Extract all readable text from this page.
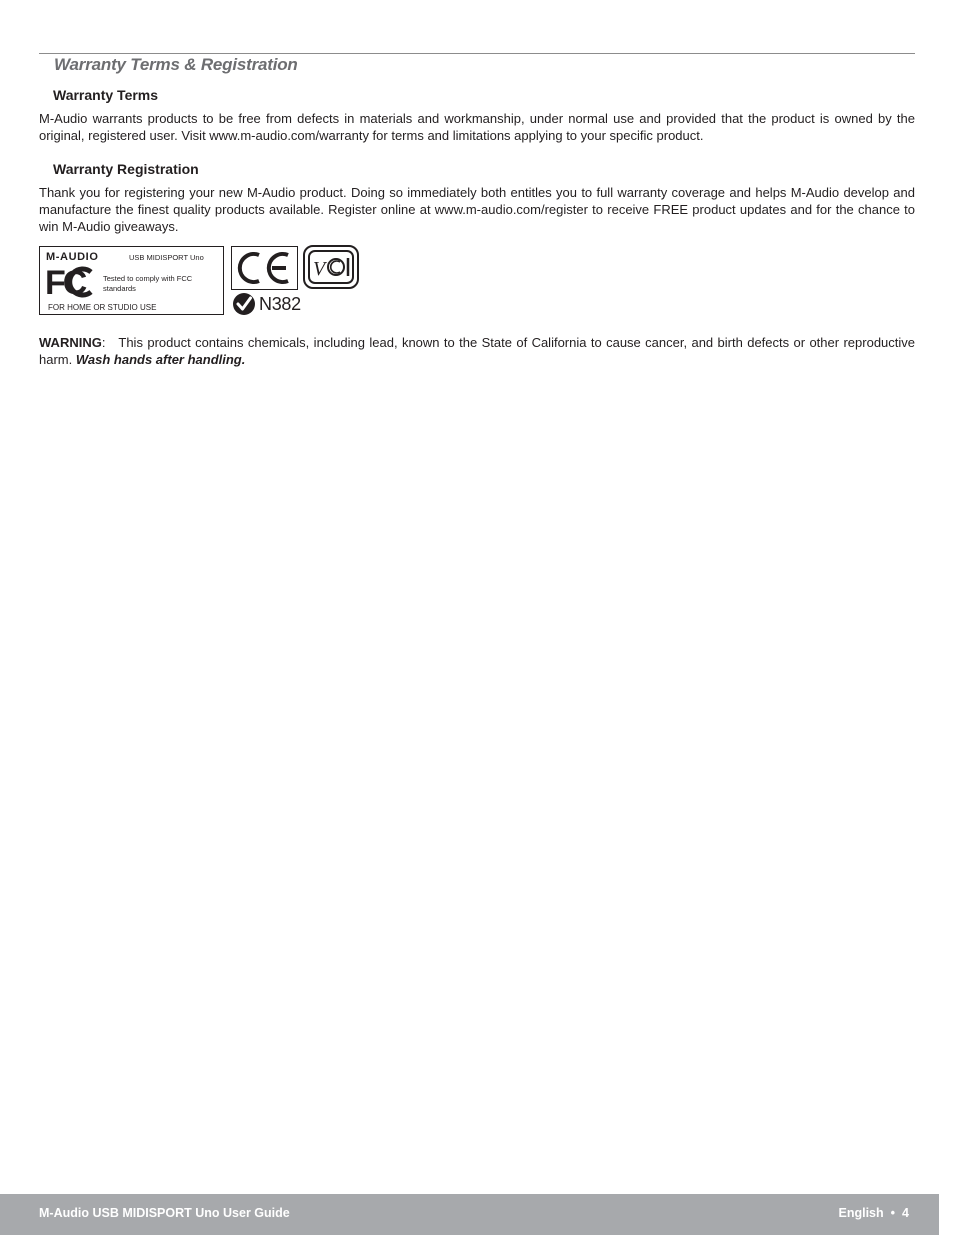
Warranty Terms & Registration
Warranty Terms

M-Audio warrants products to be free from defects in materials and workmanship, under normal use and provided that the product is owned by the original, registered user. Visit www.m-audio.com/warranty for terms and limitations applying to your specific product.

Warranty Registration

Thank you for registering your new M-Audio product. Doing so immediately both entitles you to full warranty coverage and helps M-Audio develop and manufacture the finest quality products available. Register online at www.m-audio.com/register to receive FREE product updates and for the chance to win M-Audio giveaways.

M-AUDIO	USB MIDISPORT Uno
FC	Tested to comply with FCC standards
FOR HOME OR STUDIO USE
V
N382

WARNING:   This product contains chemicals, including lead, known to the State of California to cause cancer, and birth defects or other reproductive harm. Wash hands after handling.

M-Audio USB MIDISPORT Uno User Guide	English • 4
